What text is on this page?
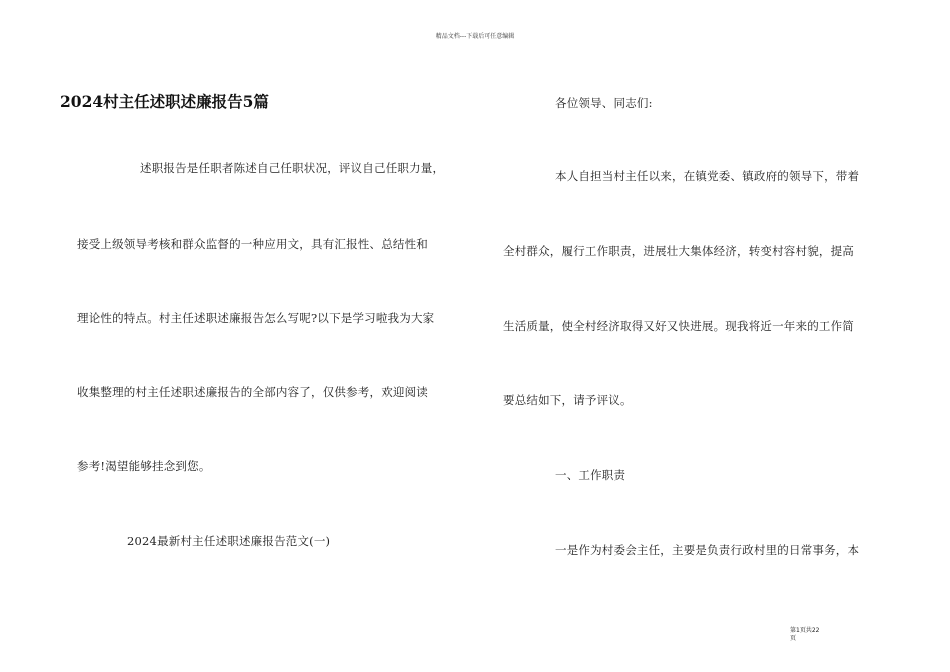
精品文档---下载后可任意编辑
2024村主任述职述廉报告5篇
述职报告是任职者陈述自己任职状况，评议自己任职力量，
接受上级领导考核和群众监督的一种应用文，具有汇报性、总结性和
理论性的特点。村主任述职述廉报告怎么写呢?以下是学习啦我为大家
收集整理的村主任述职述廉报告的全部内容了，仅供参考，欢迎阅读
参考!渴望能够挂念到您。
2024最新村主任述职述廉报告范文(一)
各位领导、同志们:
本人自担当村主任以来，在镇党委、镇政府的领导下，带着
全村群众，履行工作职责，进展壮大集体经济，转变村容村貌，提高
生活质量，使全村经济取得又好又快进展。现我将近一年来的工作简
要总结如下，请予评议。
一、工作职责
一是作为村委会主任，主要是负责行政村里的日常事务，本
第1页共22
页
